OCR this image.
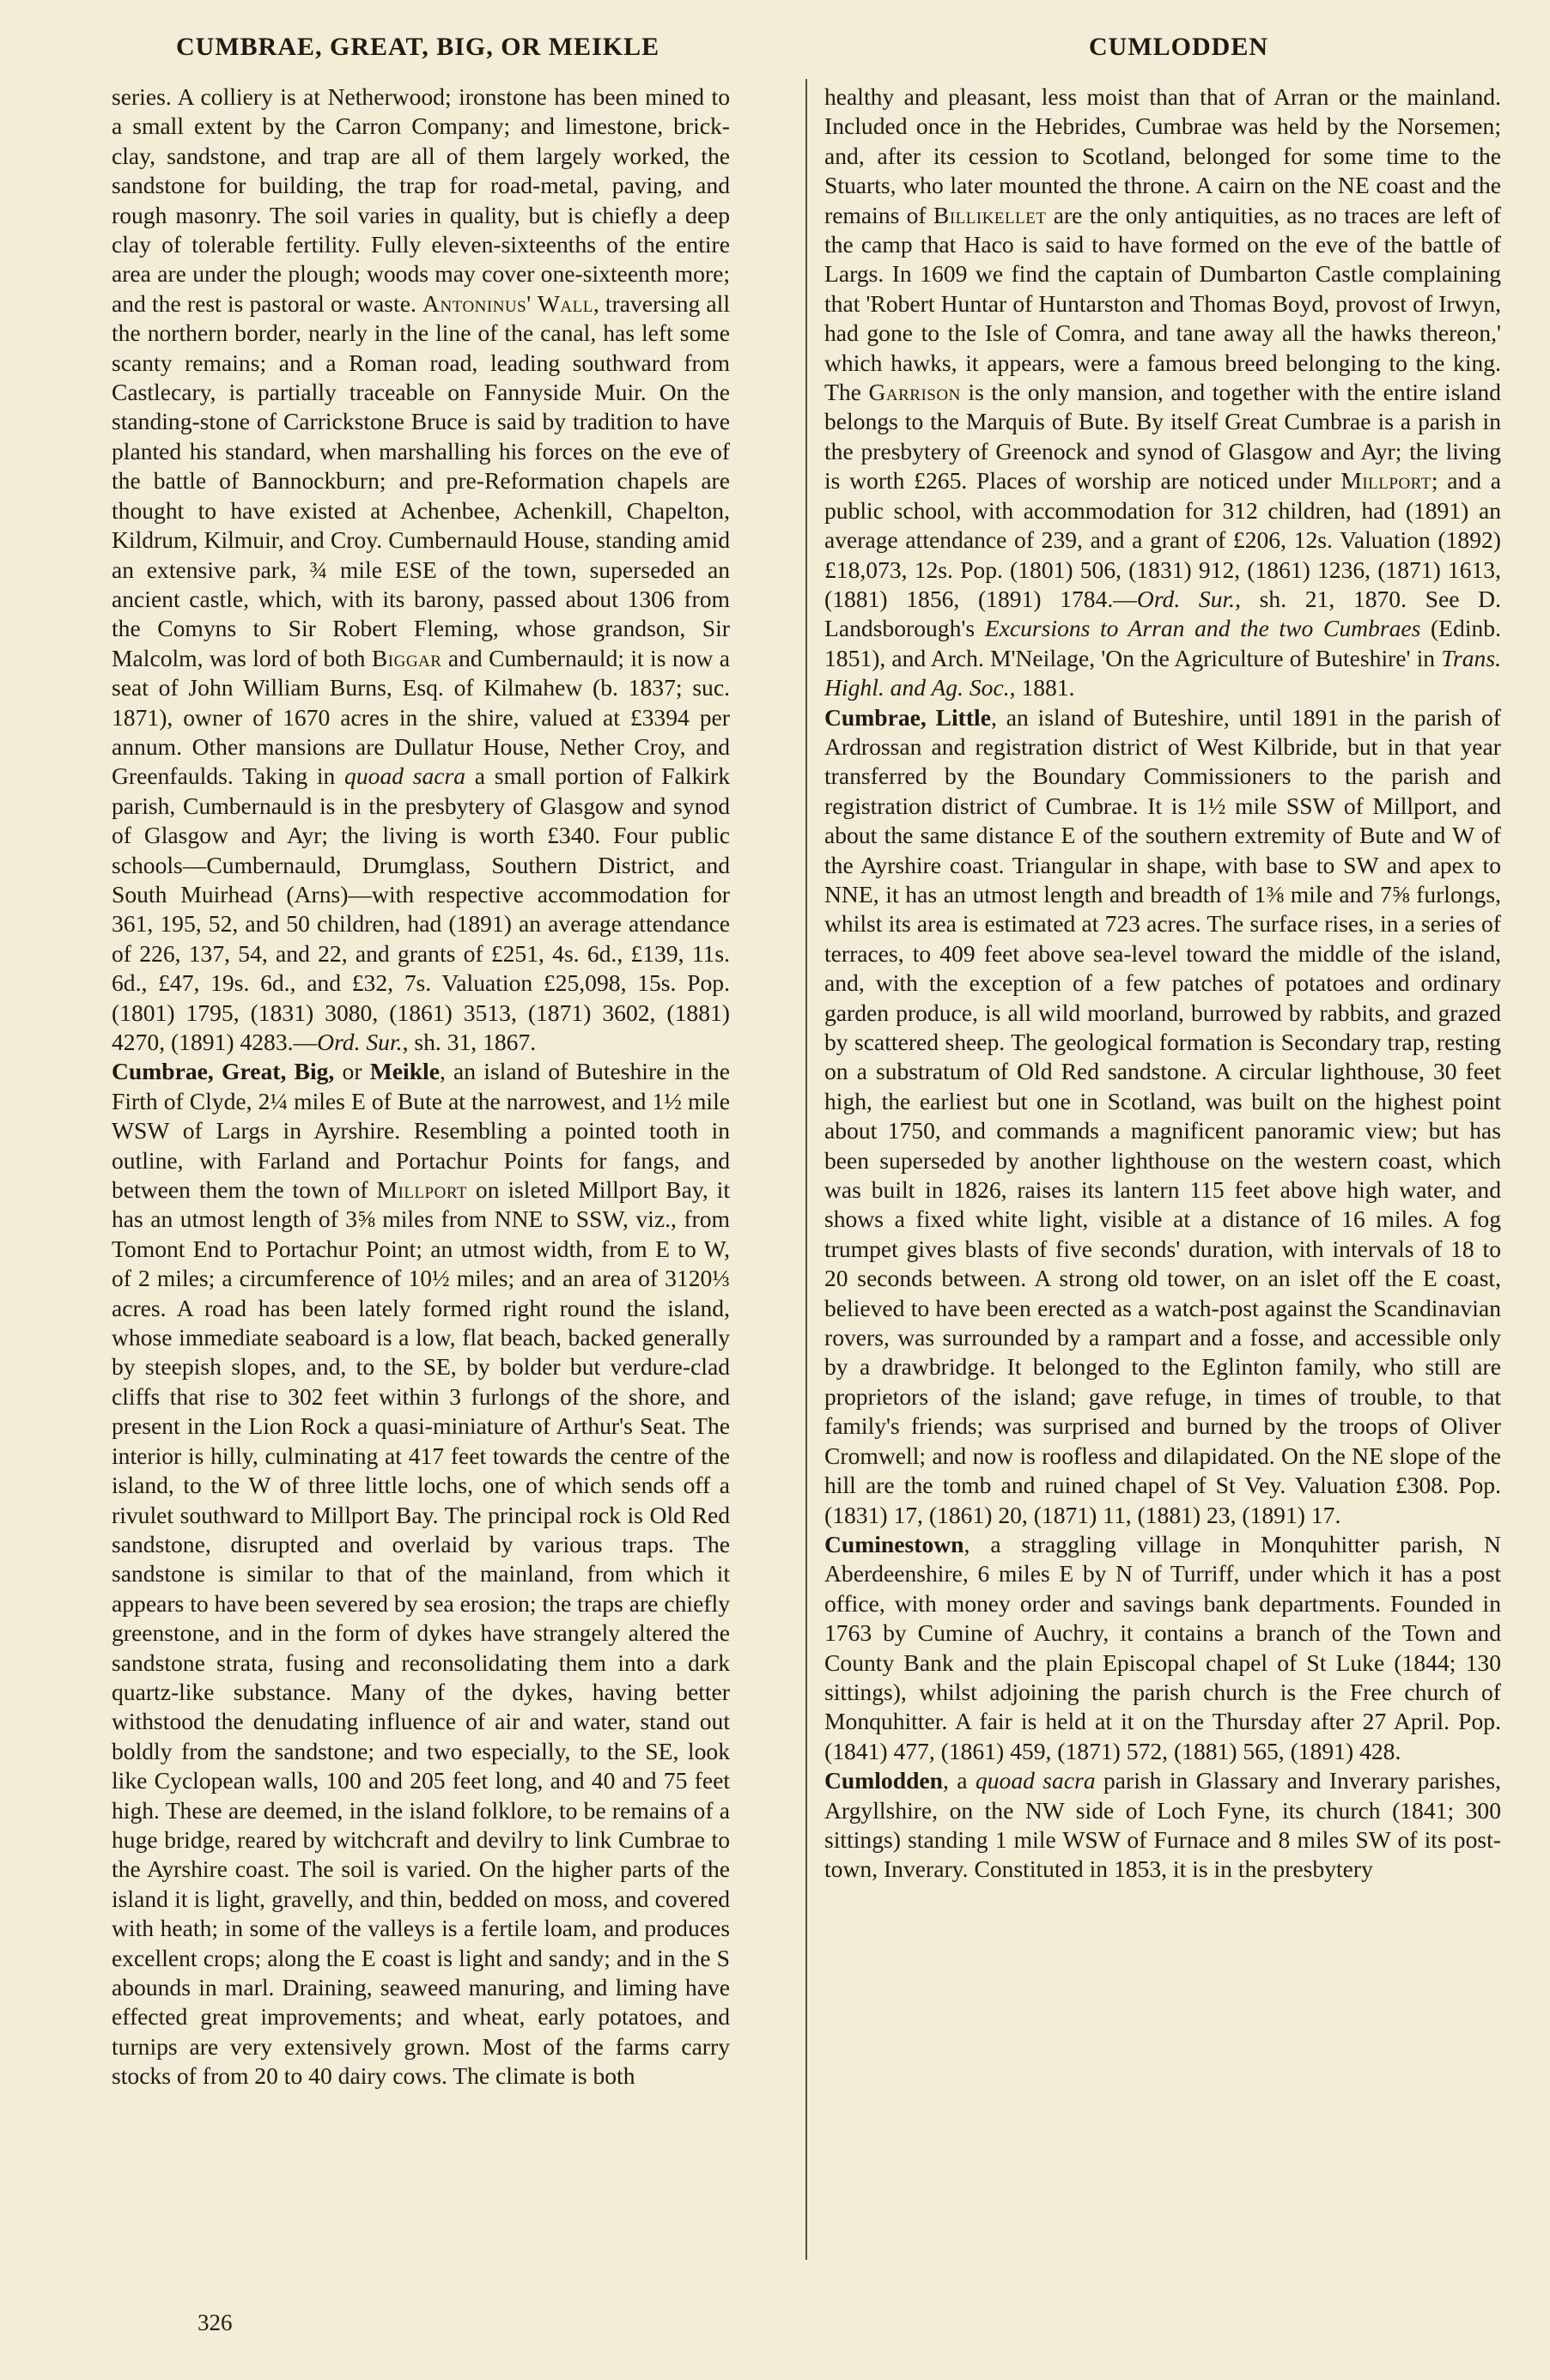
CUMBRAE, GREAT, BIG, OR MEIKLE	CUMLODDEN

series. A colliery is at Netherwood; ironstone has been mined to a small extent by the Carron Company; and limestone, brick-clay, sandstone, and trap are all of them largely worked, the sandstone for building, the trap for road-metal, paving, and rough masonry. The soil varies in quality, but is chiefly a deep clay of tolerable fertility. Fully eleven-sixteenths of the entire area are under the plough; woods may cover one-sixteenth more; and the rest is pastoral or waste. Antoninus' Wall, traversing all the northern border, nearly in the line of the canal, has left some scanty remains; and a Roman road, leading southward from Castlecary, is partially traceable on Fannyside Muir. On the standing-stone of Carrickstone Bruce is said by tradition to have planted his standard, when marshalling his forces on the eve of the battle of Bannockburn; and pre-Reformation chapels are thought to have existed at Achenbee, Achenkill, Chapelton, Kildrum, Kilmuir, and Croy. Cumbernauld House, standing amid an extensive park, ¾ mile ESE of the town, superseded an ancient castle, which, with its barony, passed about 1306 from the Comyns to Sir Robert Fleming, whose grandson, Sir Malcolm, was lord of both Biggar and Cumbernauld; it is now a seat of John William Burns, Esq. of Kilmahew (b. 1837; suc. 1871), owner of 1670 acres in the shire, valued at £3394 per annum. Other mansions are Dullatur House, Nether Croy, and Greenfaulds. Taking in quoad sacra a small portion of Falkirk parish, Cumbernauld is in the presbytery of Glasgow and synod of Glasgow and Ayr; the living is worth £340. Four public schools—Cumbernauld, Drumglass, Southern District, and South Muirhead (Arns)—with respective accommodation for 361, 195, 52, and 50 children, had (1891) an average attendance of 226, 137, 54, and 22, and grants of £251, 4s. 6d., £139, 11s. 6d., £47, 19s. 6d., and £32, 7s. Valuation £25,098, 15s. Pop. (1801) 1795, (1831) 3080, (1861) 3513, (1871) 3602, (1881) 4270, (1891) 4283.—Ord. Sur., sh. 31, 1867.

Cumbrae, Great, Big, or Meikle, an island of Buteshire in the Firth of Clyde, 2¼ miles E of Bute at the narrowest, and 1½ mile WSW of Largs in Ayrshire. Resembling a pointed tooth in outline, with Farland and Portachur Points for fangs, and between them the town of Millport on isleted Millport Bay, it has an utmost length of 3⅝ miles from NNE to SSW, viz., from Tomont End to Portachur Point; an utmost width, from E to W, of 2 miles; a circumference of 10½ miles; and an area of 3120⅓ acres. A road has been lately formed right round the island, whose immediate seaboard is a low, flat beach, backed generally by steepish slopes, and, to the SE, by bolder but verdure-clad cliffs that rise to 302 feet within 3 furlongs of the shore, and present in the Lion Rock a quasi-miniature of Arthur's Seat. The interior is hilly, culminating at 417 feet towards the centre of the island, to the W of three little lochs, one of which sends off a rivulet southward to Millport Bay. The principal rock is Old Red sandstone, disrupted and overlaid by various traps. The sandstone is similar to that of the mainland, from which it appears to have been severed by sea erosion; the traps are chiefly greenstone, and in the form of dykes have strangely altered the sandstone strata, fusing and reconsolidating them into a dark quartz-like substance. Many of the dykes, having better withstood the denudating influence of air and water, stand out boldly from the sandstone; and two especially, to the SE, look like Cyclopean walls, 100 and 205 feet long, and 40 and 75 feet high. These are deemed, in the island folklore, to be remains of a huge bridge, reared by witchcraft and devilry to link Cumbrae to the Ayrshire coast. The soil is varied. On the higher parts of the island it is light, gravelly, and thin, bedded on moss, and covered with heath; in some of the valleys is a fertile loam, and produces excellent crops; along the E coast is light and sandy; and in the S abounds in marl. Draining, seaweed manuring, and liming have effected great improvements; and wheat, early potatoes, and turnips are very extensively grown. Most of the farms carry stocks of from 20 to 40 dairy cows. The climate is both

healthy and pleasant, less moist than that of Arran or the mainland. Included once in the Hebrides, Cumbrae was held by the Norsemen; and, after its cession to Scotland, belonged for some time to the Stuarts, who later mounted the throne. A cairn on the NE coast and the remains of Billikellet are the only antiquities, as no traces are left of the camp that Haco is said to have formed on the eve of the battle of Largs. In 1609 we find the captain of Dumbarton Castle complaining that 'Robert Huntar of Huntarston and Thomas Boyd, provost of Irwyn, had gone to the Isle of Comra, and tane away all the hawks thereon,' which hawks, it appears, were a famous breed belonging to the king. The Garrison is the only mansion, and together with the entire island belongs to the Marquis of Bute. By itself Great Cumbrae is a parish in the presbytery of Greenock and synod of Glasgow and Ayr; the living is worth £265. Places of worship are noticed under Millport; and a public school, with accommodation for 312 children, had (1891) an average attendance of 239, and a grant of £206, 12s. Valuation (1892) £18,073, 12s. Pop. (1801) 506, (1831) 912, (1861) 1236, (1871) 1613, (1881) 1856, (1891) 1784.—Ord. Sur., sh. 21, 1870. See D. Landsborough's Excursions to Arran and the two Cumbraes (Edinb. 1851), and Arch. M'Neilage, 'On the Agriculture of Buteshire' in Trans. Highl. and Ag. Soc., 1881.

Cumbrae, Little, an island of Buteshire, until 1891 in the parish of Ardrossan and registration district of West Kilbride, but in that year transferred by the Boundary Commissioners to the parish and registration district of Cumbrae. It is 1½ mile SSW of Millport, and about the same distance E of the southern extremity of Bute and W of the Ayrshire coast. Triangular in shape, with base to SW and apex to NNE, it has an utmost length and breadth of 1⅜ mile and 7⅝ furlongs, whilst its area is estimated at 723 acres. The surface rises, in a series of terraces, to 409 feet above sea-level toward the middle of the island, and, with the exception of a few patches of potatoes and ordinary garden produce, is all wild moorland, burrowed by rabbits, and grazed by scattered sheep. The geological formation is Secondary trap, resting on a substratum of Old Red sandstone. A circular lighthouse, 30 feet high, the earliest but one in Scotland, was built on the highest point about 1750, and commands a magnificent panoramic view; but has been superseded by another lighthouse on the western coast, which was built in 1826, raises its lantern 115 feet above high water, and shows a fixed white light, visible at a distance of 16 miles. A fog trumpet gives blasts of five seconds' duration, with intervals of 18 to 20 seconds between. A strong old tower, on an islet off the E coast, believed to have been erected as a watch-post against the Scandinavian rovers, was surrounded by a rampart and a fosse, and accessible only by a drawbridge. It belonged to the Eglinton family, who still are proprietors of the island; gave refuge, in times of trouble, to that family's friends; was surprised and burned by the troops of Oliver Cromwell; and now is roofless and dilapidated. On the NE slope of the hill are the tomb and ruined chapel of St Vey. Valuation £308. Pop. (1831) 17, (1861) 20, (1871) 11, (1881) 23, (1891) 17.

Cuminestown, a straggling village in Monquhitter parish, N Aberdeenshire, 6 miles E by N of Turriff, under which it has a post office, with money order and savings bank departments. Founded in 1763 by Cumine of Auchry, it contains a branch of the Town and County Bank and the plain Episcopal chapel of St Luke (1844; 130 sittings), whilst adjoining the parish church is the Free church of Monquhitter. A fair is held at it on the Thursday after 27 April. Pop. (1841) 477, (1861) 459, (1871) 572, (1881) 565, (1891) 428.

Cumlodden, a quoad sacra parish in Glassary and Inverary parishes, Argyllshire, on the NW side of Loch Fyne, its church (1841; 300 sittings) standing 1 mile WSW of Furnace and 8 miles SW of its post-town, Inverary. Constituted in 1853, it is in the presbytery

326
